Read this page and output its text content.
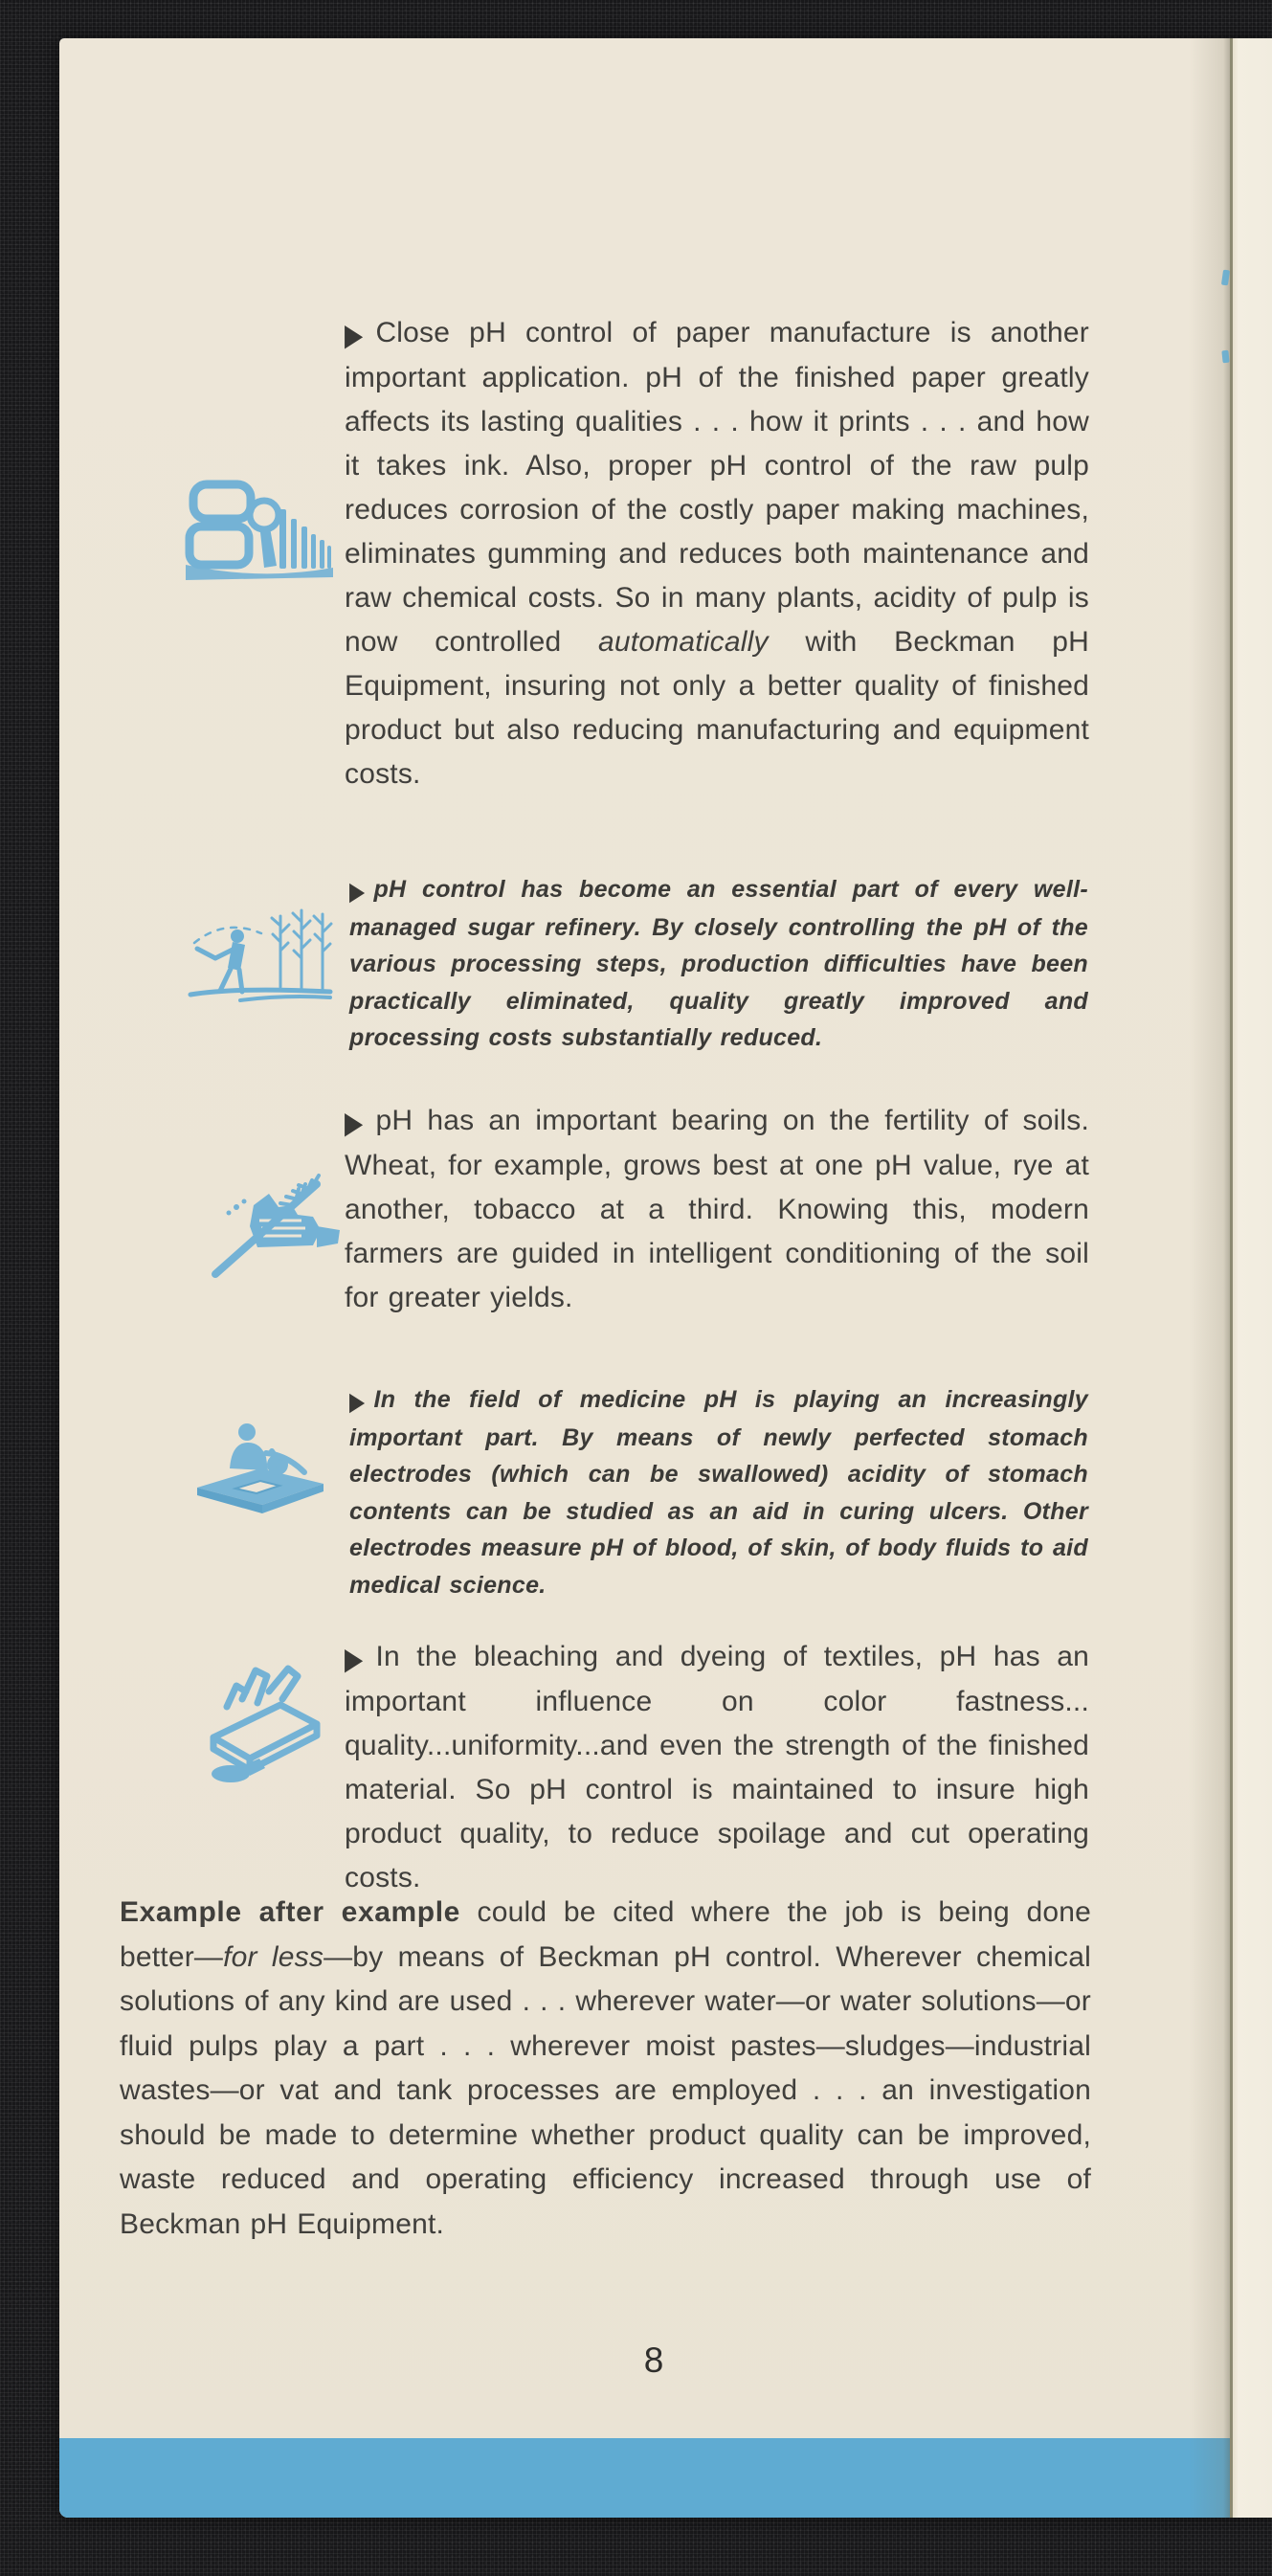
▶ Close pH control of paper manufacture is another important application. pH of the finished paper greatly affects its lasting qualities . . . how it prints . . . and how it takes ink. Also, proper pH control of the raw pulp reduces corrosion of the costly paper making machines, eliminates gumming and reduces both maintenance and raw chemical costs. So in many plants, acidity of pulp is now controlled automatically with Beckman pH Equipment, insuring not only a better quality of finished product but also reducing manufacturing and equipment costs.

▶ pH control has become an essential part of every well-managed sugar refinery. By closely controlling the pH of the various processing steps, production difficulties have been practically eliminated, quality greatly improved and processing costs substantially reduced.

▶ pH has an important bearing on the fertility of soils. Wheat, for example, grows best at one pH value, rye at another, tobacco at a third. Knowing this, modern farmers are guided in intelligent conditioning of the soil for greater yields.

▶ In the field of medicine pH is playing an increasingly important part. By means of newly perfected stomach electrodes (which can be swallowed) acidity of stomach contents can be studied as an aid in curing ulcers. Other electrodes measure pH of blood, of skin, of body fluids to aid medical science.

▶ In the bleaching and dyeing of textiles, pH has an important influence on color fastness... quality...uniformity...and even the strength of the finished material. So pH control is maintained to insure high product quality, to reduce spoilage and cut operating costs.

Example after example could be cited where the job is being done better—for less—by means of Beckman pH control. Wherever chemical solutions of any kind are used . . . wherever water—or water solutions—or fluid pulps play a part . . . wherever moist pastes—sludges—industrial wastes—or vat and tank processes are employed . . . an investigation should be made to determine whether product quality can be improved, waste reduced and operating efficiency increased through use of Beckman pH Equipment.

8
